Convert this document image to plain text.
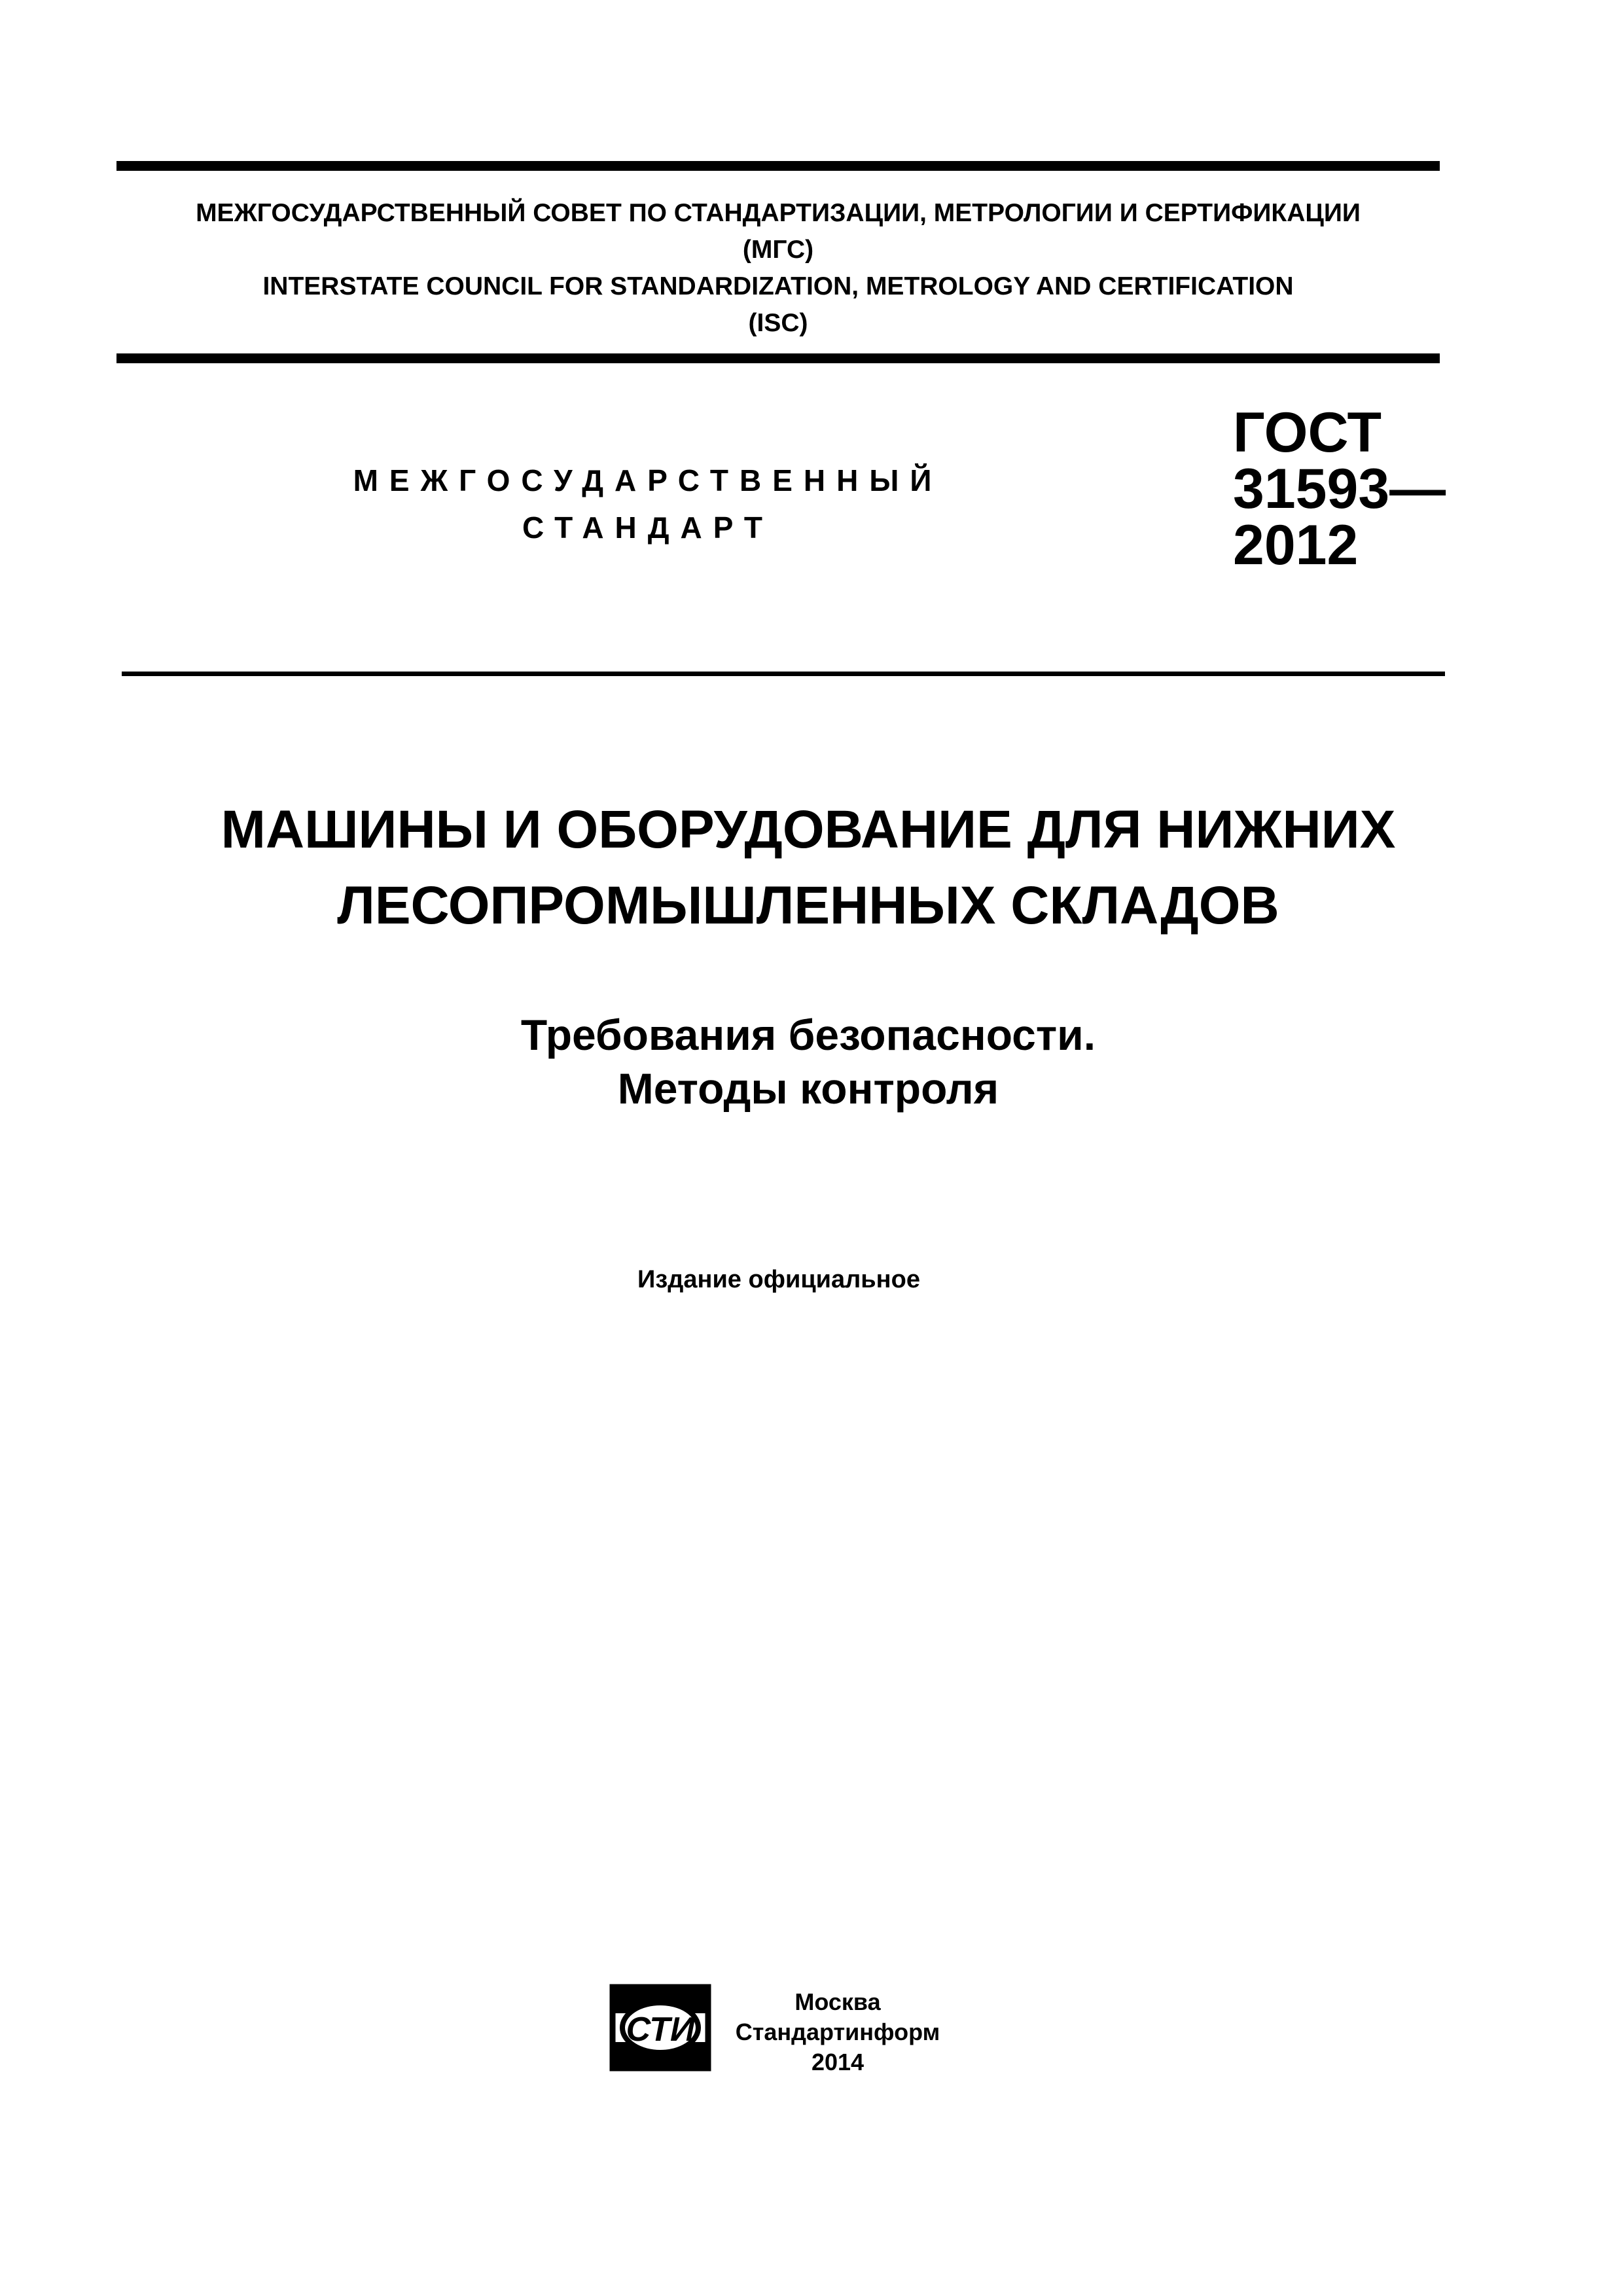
МЕЖГОСУДАРСТВЕННЫЙ СОВЕТ ПО СТАНДАРТИЗАЦИИ, МЕТРОЛОГИИ И СЕРТИФИКАЦИИ
(МГС)
INTERSTATE COUNCIL FOR STANDARDIZATION, METROLOGY AND CERTIFICATION
(ISC)
МЕЖГОСУДАРСТВЕННЫЙ
СТАНДАРТ
ГОСТ
31593—
2012
МАШИНЫ И ОБОРУДОВАНИЕ ДЛЯ НИЖНИХ
ЛЕСОПРОМЫШЛЕННЫХ СКЛАДОВ
Требования безопасности.
Методы контроля
Издание официальное
СТИ
Москва
Стандартинформ
2014
